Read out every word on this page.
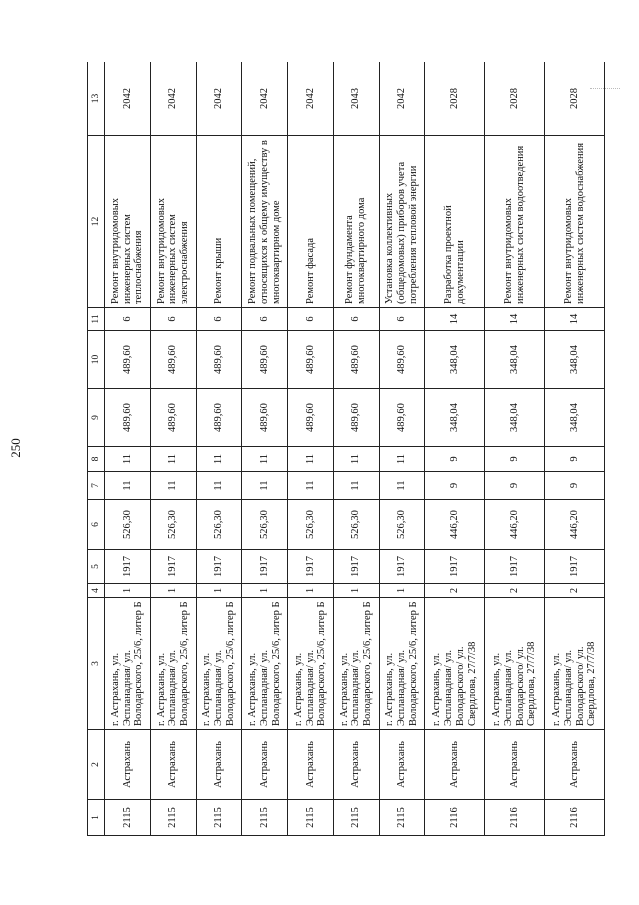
250
1	2	3	4	5	6	7	8	9	10	11	12	13
2115	Астрахань	г. Астрахань, ул. Эспланадная/ ул. Володарского, 25/6, литер Б	1	1917	526,30	11	11	489,60	489,60	6	Ремонт внутридомовых инженерных систем теплоснабжения	2042
2115	Астрахань	г. Астрахань, ул. Эспланадная/ ул. Володарского, 25/6, литер Б	1	1917	526,30	11	11	489,60	489,60	6	Ремонт внутридомовых инженерных систем электроснабжения	2042
2115	Астрахань	г. Астрахань, ул. Эспланадная/ ул. Володарского, 25/6, литер Б	1	1917	526,30	11	11	489,60	489,60	6	Ремонт крыши	2042
2115	Астрахань	г. Астрахань, ул. Эспланадная/ ул. Володарского, 25/6, литер Б	1	1917	526,30	11	11	489,60	489,60	6	Ремонт подвальных помещений, относящихся к общему имуществу в многоквартирном доме	2042
2115	Астрахань	г. Астрахань, ул. Эспланадная/ ул. Володарского, 25/6, литер Б	1	1917	526,30	11	11	489,60	489,60	6	Ремонт фасада	2042
2115	Астрахань	г. Астрахань, ул. Эспланадная/ ул. Володарского, 25/6, литер Б	1	1917	526,30	11	11	489,60	489,60	6	Ремонт фундамента многоквартирного дома	2043
2115	Астрахань	г. Астрахань, ул. Эспланадная/ ул. Володарского, 25/6, литер Б	1	1917	526,30	11	11	489,60	489,60	6	Установка коллективных (общедомовых) приборов учета потребления тепловой энергии	2042
2116	Астрахань	г. Астрахань, ул. Эспланадная/ ул. Володарского/ ул. Свердлова, 27/7/38	2	1917	446,20	9	9	348,04	348,04	14	Разработка проектной документации	2028
2116	Астрахань	г. Астрахань, ул. Эспланадная/ ул. Володарского/ ул. Свердлова, 27/7/38	2	1917	446,20	9	9	348,04	348,04	14	Ремонт внутридомовых инженерных систем водоотведения	2028
2116	Астрахань	г. Астрахань, ул. Эспланадная/ ул. Володарского/ ул. Свердлова, 27/7/38	2	1917	446,20	9	9	348,04	348,04	14	Ремонт внутридомовых инженерных систем водоснабжения	2028
